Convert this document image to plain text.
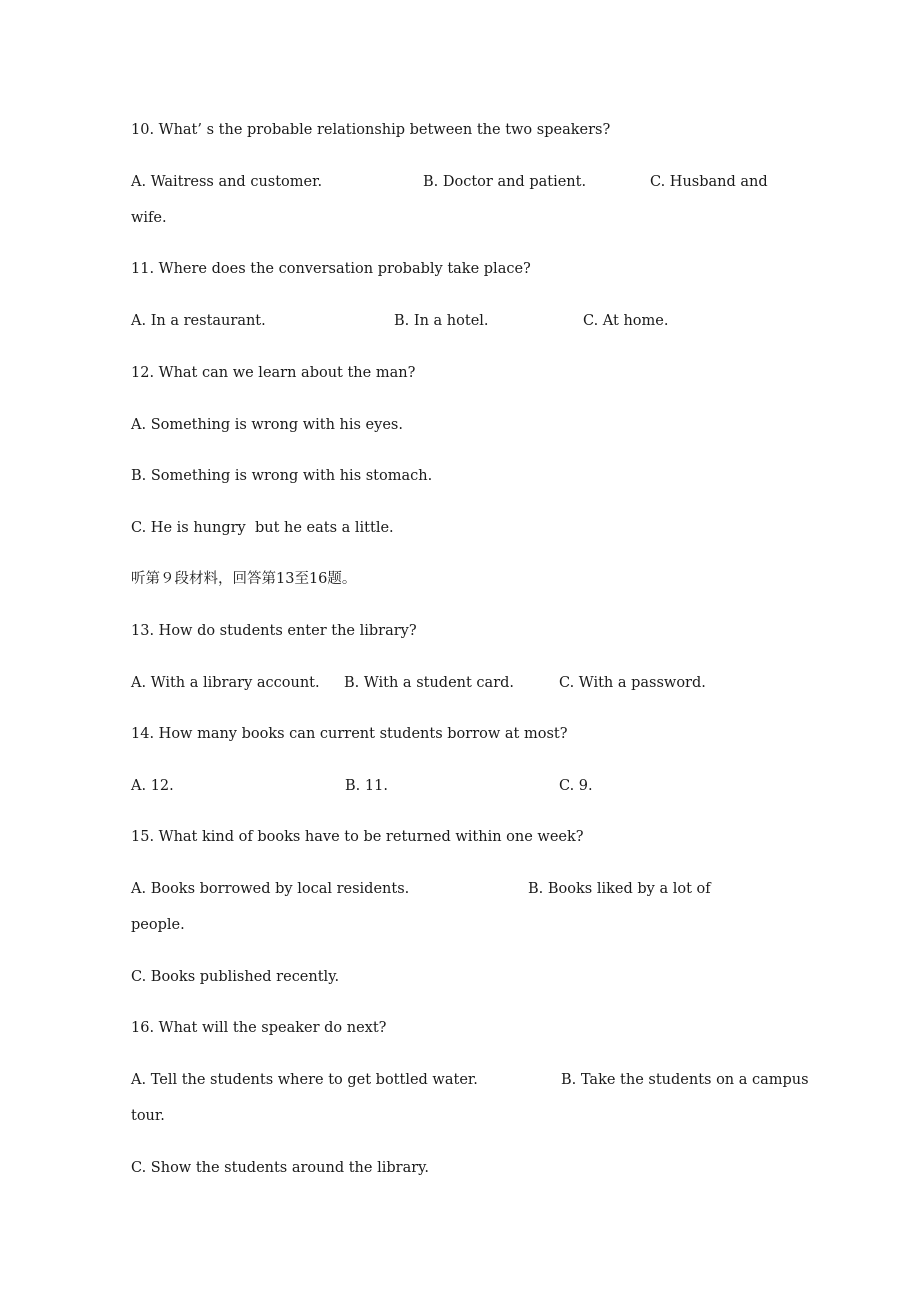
10. What’ s the probable relationship between the two speakers?
A. Waitress and customer.	B. Doctor and patient.	C. Husband and
wife.
11. Where does the conversation probably take place?
A. In a restaurant.	B. In a hotel.	C. At home.
12. What can we learn about the man?
A. Something is wrong with his eyes.
B. Something is wrong with his stomach.
C. He is hungry  but he eats a little.
听第９段材料，回答第13至16题。
13. How do students enter the library?
A. With a library account. B. With a student card.	C. With a password.
14. How many books can current students borrow at most?
A. 12.	B. 11.	C. 9.
15. What kind of books have to be returned within one week?
A. Books borrowed by local residents.	B. Books liked by a lot of
people.
C. Books published recently.
16. What will the speaker do next?
A. Tell the students where to get bottled water.	B. Take the students on a campus
tour.
C. Show the students around the library.
